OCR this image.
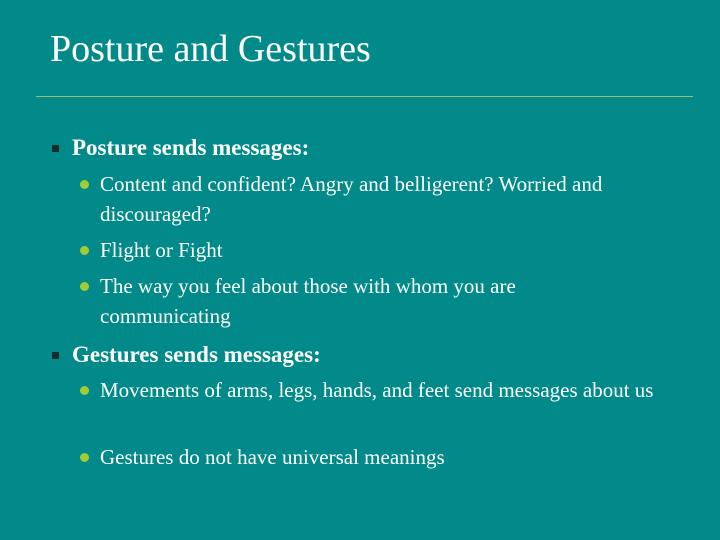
Posture and Gestures
Posture sends messages:
Content and confident? Angry and belligerent? Worried and discouraged?
Flight or Fight
The way you feel about those with whom you are communicating
Gestures sends messages:
Movements of arms, legs, hands, and feet send messages about us
Gestures do not have universal meanings
